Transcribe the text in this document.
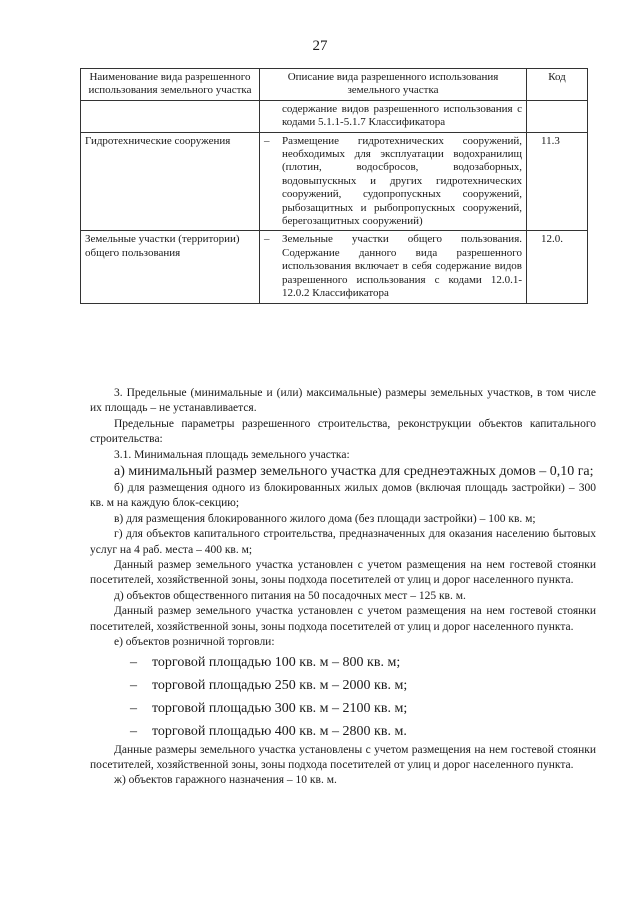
27
Наименование вида разрешенного использования земельного участка	Описание вида разрешенного использования земельного участка	Код

	содержание видов разрешенного использования с кодами 5.1.1-5.1.7 Классификатора	

Гидротехнические сооружения	– Размещение гидротехнических сооружений, необходимых для эксплуатации водохранилищ (плотин, водосбросов, водозаборных, водовыпускных и других гидротехнических сооружений, судопропускных сооружений, рыбозащитных и рыбопропускных сооружений, берегозащитных сооружений)	11.3
Земельные участки (территории) общего пользования	– Земельные участки общего пользования. Содержание данного вида разрешенного использования включает в себя содержание видов разрешенного использования с кодами 12.0.1-12.0.2 Классификатора	12.0.

3. Предельные (минимальные и (или) максимальные) размеры земельных участков, в том числе их площадь – не устанавливается.

Предельные параметры разрешенного строительства, реконструкции объектов капитального строительства:

3.1. Минимальная площадь земельного участка:

а) минимальный размер земельного участка для среднеэтажных домов – 0,10 га;

б) для размещения одного из блокированных жилых домов (включая площадь застройки) – 300 кв. м на каждую блок-секцию;

в) для размещения блокированного жилого дома (без площади застройки) – 100 кв. м;

г) для объектов капитального строительства, предназначенных для оказания населению бытовых услуг на 4 раб. места – 400 кв. м;

Данный размер земельного участка установлен с учетом размещения на нем гостевой стоянки посетителей, хозяйственной зоны, зоны подхода посетителей от улиц и дорог населенного пункта.

д) объектов общественного питания на 50 посадочных мест – 125 кв. м.

Данный размер земельного участка установлен с учетом размещения на нем гостевой стоянки посетителей, хозяйственной зоны, зоны подхода посетителей от улиц и дорог населенного пункта.

е) объектов розничной торговли:

–	торговой площадью 100 кв. м – 800 кв. м;
–	торговой площадью 250 кв. м – 2000 кв. м;
–	торговой площадью 300 кв. м – 2100 кв. м;
–	торговой площадью 400 кв. м – 2800 кв. м.

Данные размеры земельного участка установлены с учетом размещения на нем гостевой стоянки посетителей, хозяйственной зоны, зоны подхода посетителей от улиц и дорог населенного пункта.

ж) объектов гаражного назначения – 10 кв. м.
